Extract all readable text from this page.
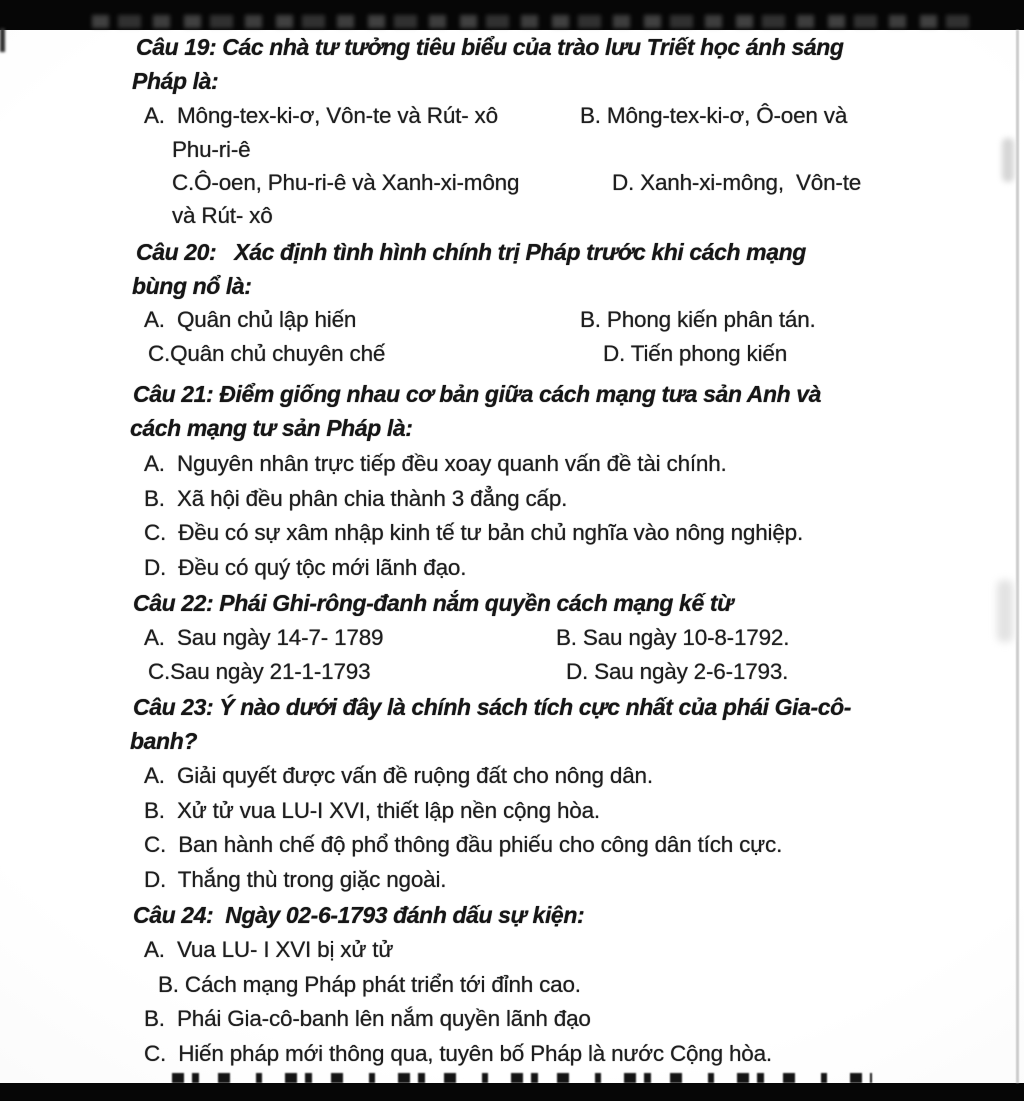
Câu 19: Các nhà tư tưởng tiêu biểu của trào lưu Triết học ánh sáng
Pháp là:
A.  Mông-tex-ki-ơ, Vôn-te và Rút- xô	B. Mông-tex-ki-ơ, Ô-oen và
Phu-ri-ê
C.Ô-oen, Phu-ri-ê và Xanh-xi-mông	D. Xanh-xi-mông,  Vôn-te
và Rút- xô
Câu 20:   Xác định tình hình chính trị Pháp trước khi cách mạng
bùng nổ là:
A.  Quân chủ lập hiến	B. Phong kiến phân tán.
C.Quân chủ chuyên chế	D. Tiến phong kiến
Câu 21: Điểm giống nhau cơ bản giữa cách mạng tưa sản Anh và
cách mạng tư sản Pháp là:
A.  Nguyên nhân trực tiếp đều xoay quanh vấn đề tài chính.
B.  Xã hội đều phân chia thành 3 đẳng cấp.
C.  Đều có sự xâm nhập kinh tế tư bản chủ nghĩa vào nông nghiệp.
D.  Đều có quý tộc mới lãnh đạo.
Câu 22: Phái Ghi-rông-đanh nắm quyền cách mạng kế từ
A.  Sau ngày 14-7- 1789	B. Sau ngày 10-8-1792.
C.Sau ngày 21-1-1793	D. Sau ngày 2-6-1793.
Câu 23: Ý nào dưới đây là chính sách tích cực nhất của phái Gia-cô-
banh?
A.  Giải quyết được vấn đề ruộng đất cho nông dân.
B.  Xử tử vua LU-I XVI, thiết lập nền cộng hòa.
C.  Ban hành chế độ phổ thông đầu phiếu cho công dân tích cực.
D.  Thắng thù trong giặc ngoài.
Câu 24:  Ngày 02-6-1793 đánh dấu sự kiện:
A.  Vua LU- I XVI bị xử tử
B. Cách mạng Pháp phát triển tới đỉnh cao.
B.  Phái Gia-cô-banh lên nắm quyền lãnh đạo
C.  Hiến pháp mới thông qua, tuyên bố Pháp là nước Cộng hòa.
